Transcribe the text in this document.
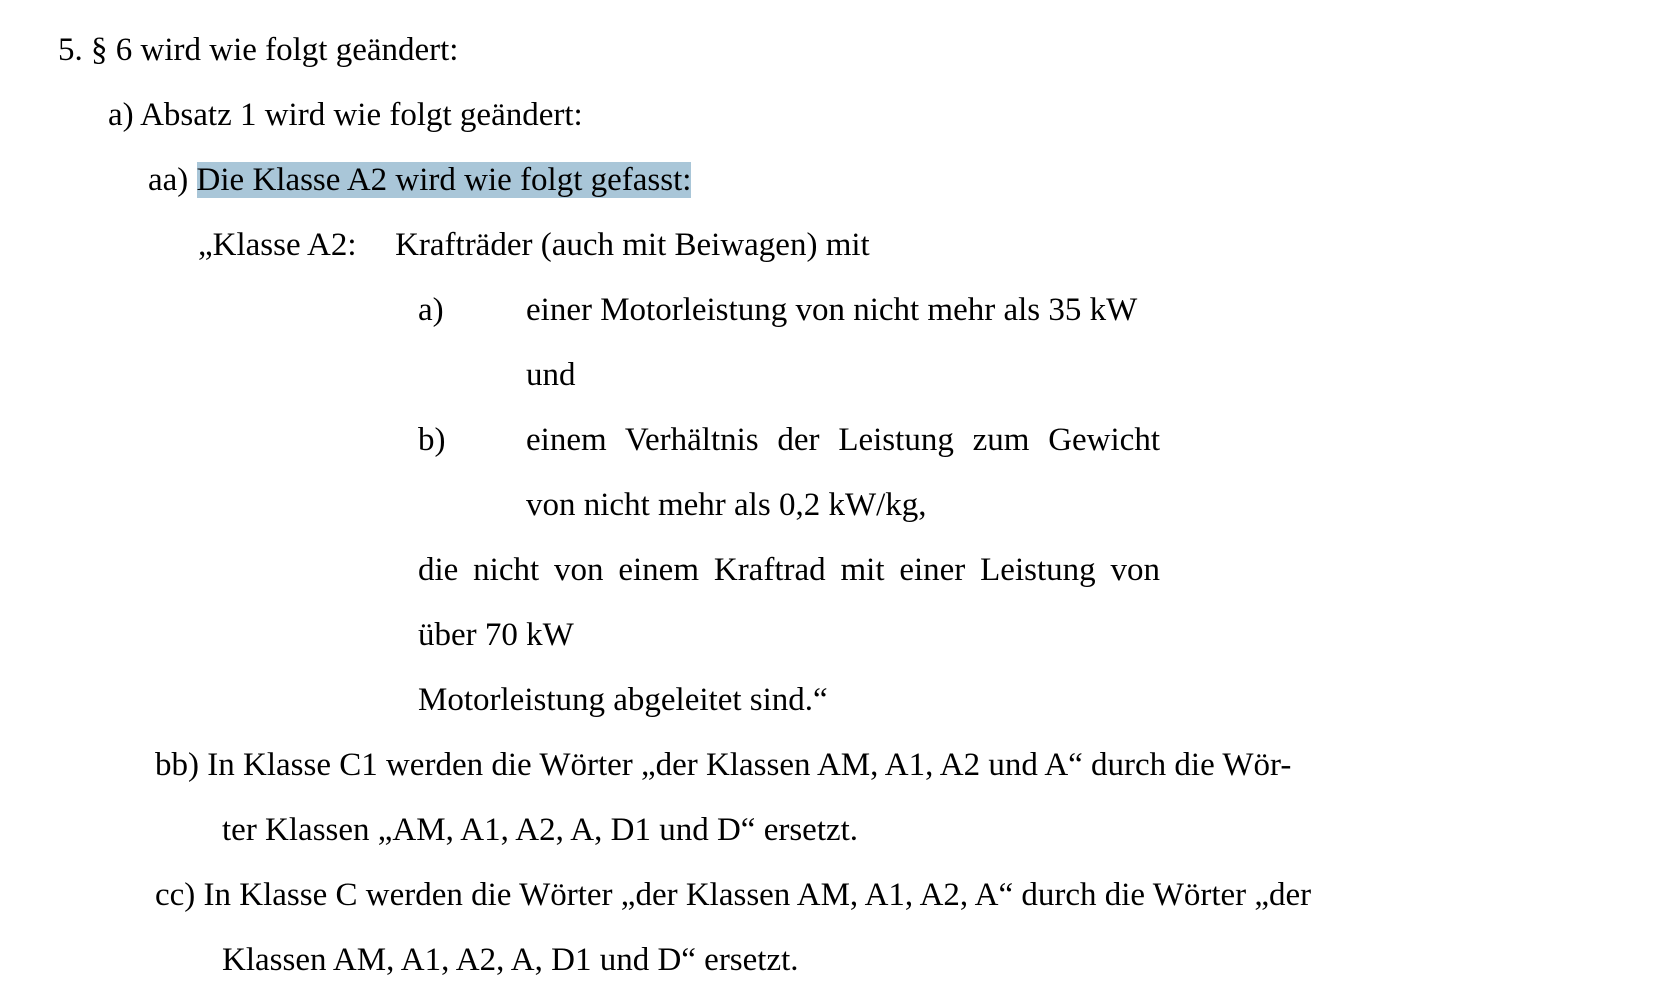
5. § 6 wird wie folgt geändert:
a) Absatz 1 wird wie folgt geändert:
aa) Die Klasse A2 wird wie folgt gefasst:
„Klasse A2: Krafträder (auch mit Beiwagen) mit
a)	einer Motorleistung von nicht mehr als 35 kW und
b)	einem Verhältnis der Leistung zum Gewicht von nicht mehr als 0,2 kW/kg,
die nicht von einem Kraftrad mit einer Leistung von über 70 kW
Motorleistung abgeleitet sind.“
bb) In Klasse C1 werden die Wörter „der Klassen AM, A1, A2 und A“ durch die Wör-
ter Klassen „AM, A1, A2, A, D1 und D“ ersetzt.
cc) In Klasse C werden die Wörter „der Klassen AM, A1, A2, A“ durch die Wörter „der
Klassen AM, A1, A2, A, D1 und D“ ersetzt.
